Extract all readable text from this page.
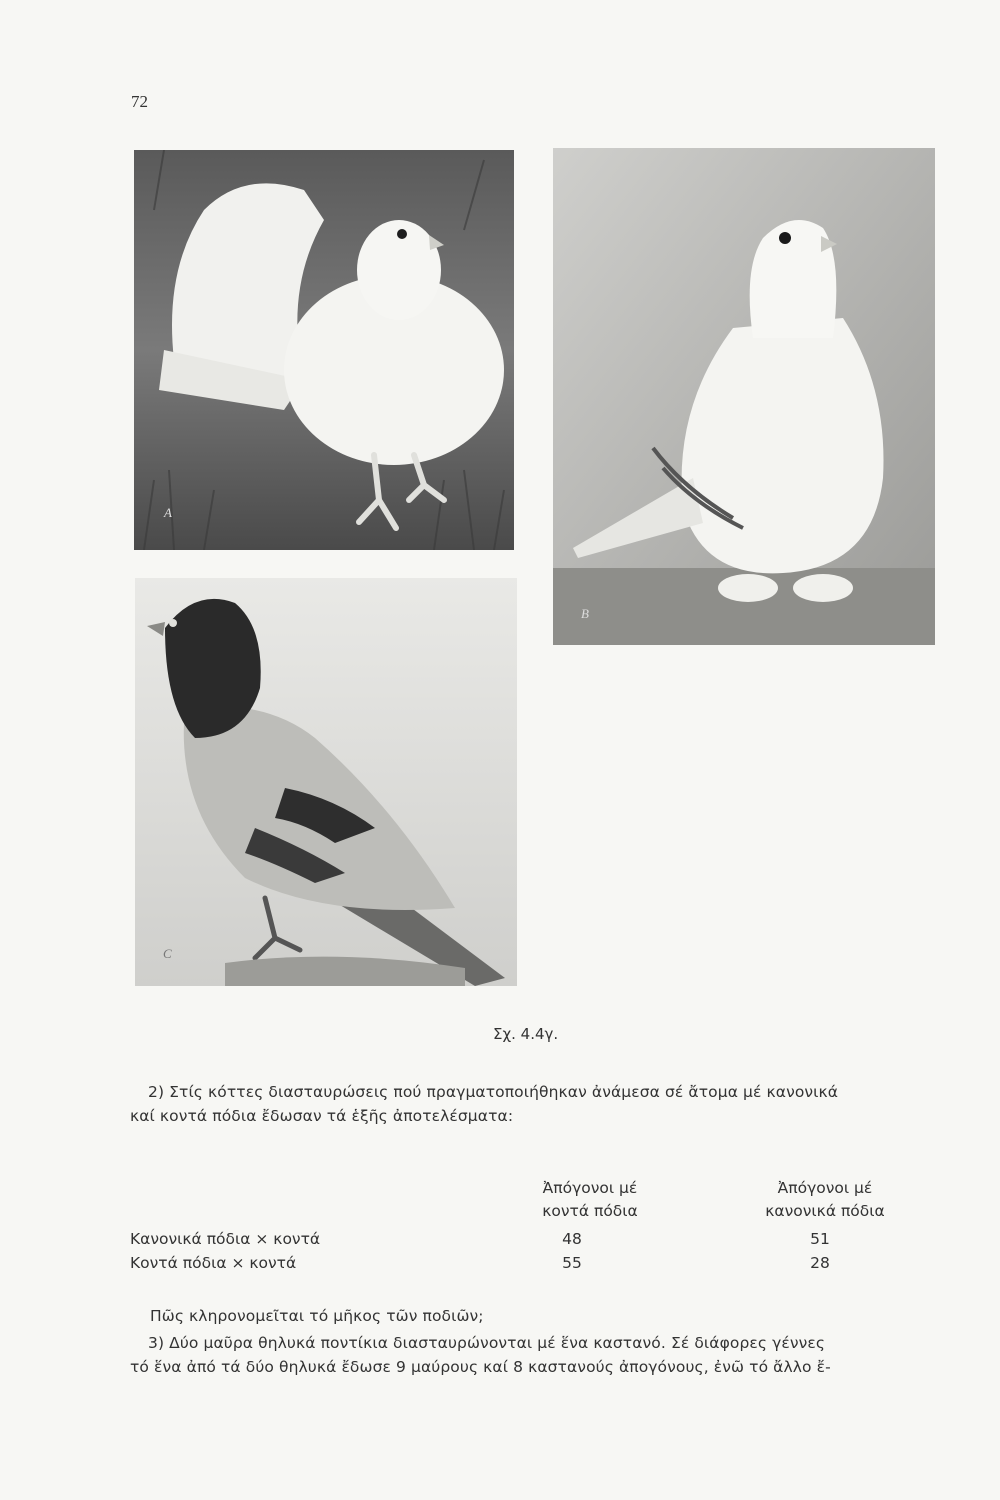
72
A
B
C
Σχ. 4.4γ.
2) Στίς κόττες διασταυρώσεις πού πραγματοποιήθηκαν ἀνάμεσα σέ ἄτομα μέ κανονικά
καί κοντά πόδια ἔδωσαν τά ἑξῆς ἀποτελέσματα:
Ἀπόγονοι μέ
κοντά πόδια
Ἀπόγονοι μέ
κανονικά πόδια
Κανονικά πόδια × κοντά	48	51
Κοντά πόδια × κοντά	55	28
Πῶς κληρονομεῖται τό μῆκος τῶν ποδιῶν;
3) Δύο μαῦρα θηλυκά ποντίκια διασταυρώνονται μέ ἕνα καστανό. Σέ διάφορες γέννες
τό ἕνα ἀπό τά δύο θηλυκά ἔδωσε 9 μαύρους καί 8 καστανούς ἀπογόνους, ἐνῶ τό ἄλλο ἔ-
